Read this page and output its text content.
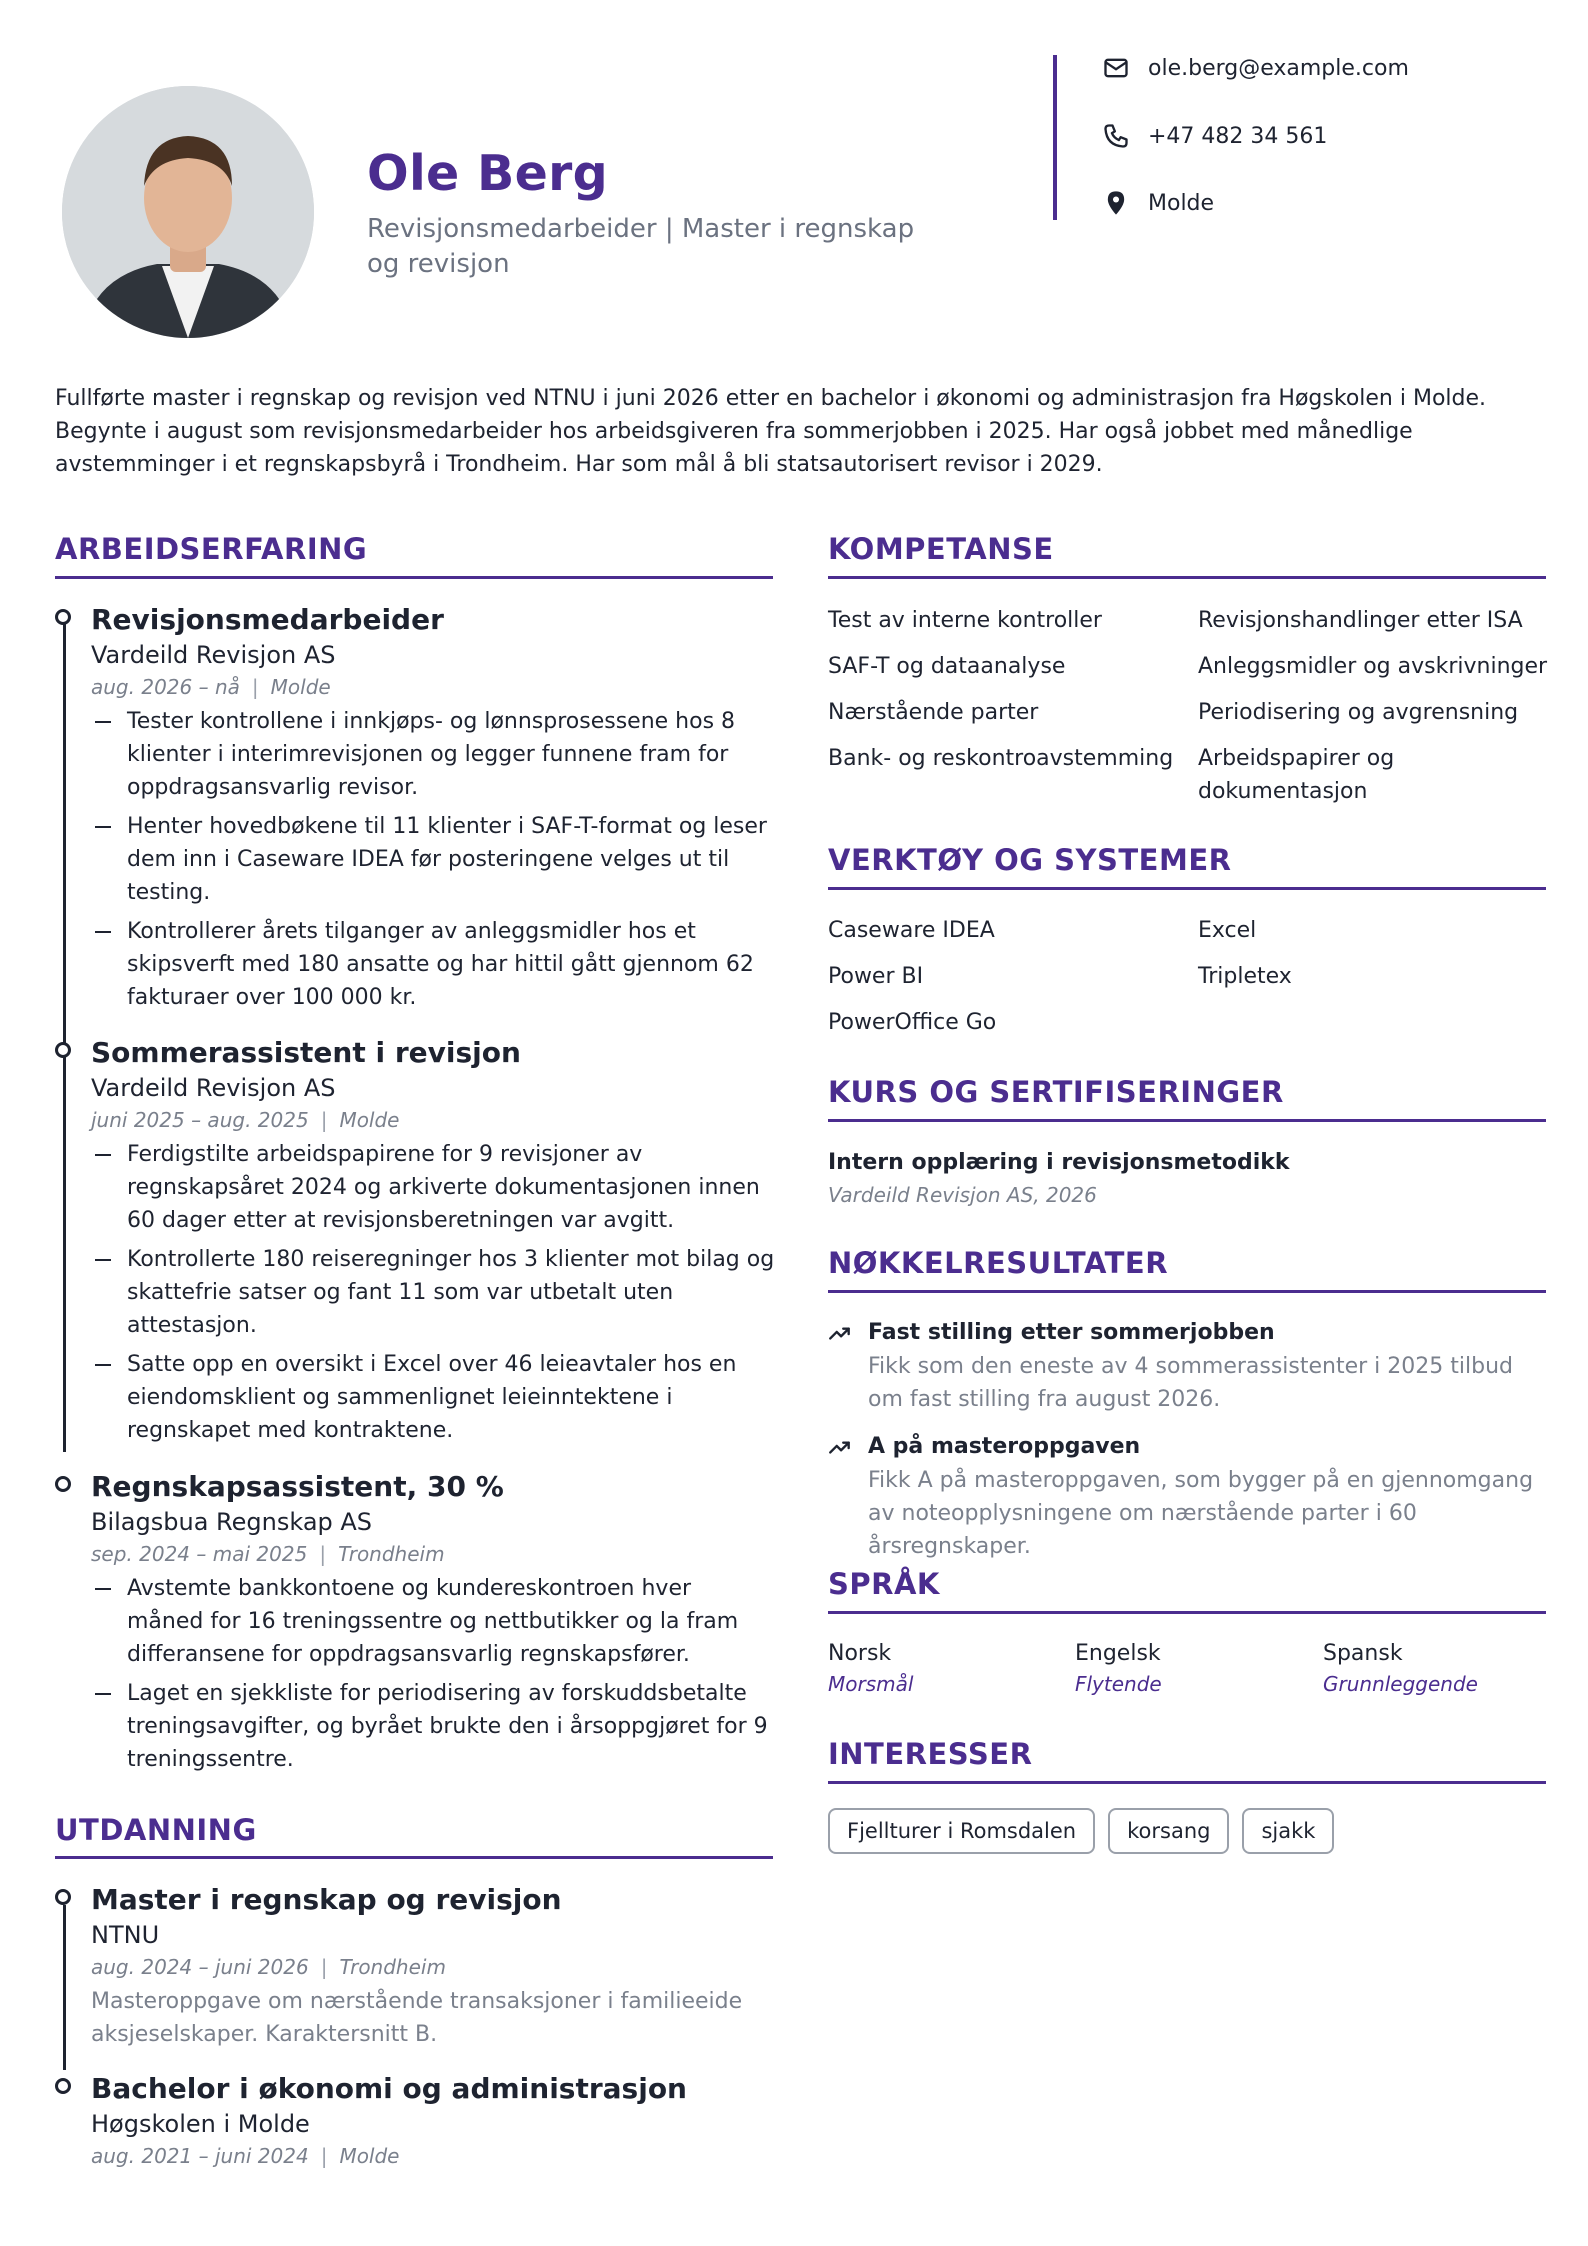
Ole Berg
Revisjonsmedarbeider | Master i regnskap og revisjon
ole.berg@example.com
+47 482 34 561
Molde
Fullførte master i regnskap og revisjon ved NTNU i juni 2026 etter en bachelor i økonomi og administrasjon fra Høgskolen i Molde. Begynte i august som revisjonsmedarbeider hos arbeidsgiveren fra sommerjobben i 2025. Har også jobbet med månedlige avstemminger i et regnskapsbyrå i Trondheim. Har som mål å bli statsautorisert revisor i 2029.
ARBEIDSERFARING
Revisjonsmedarbeider
Vardeild Revisjon AS
aug. 2026 – nå | Molde
Tester kontrollene i innkjøps- og lønnsprosessene hos 8 klienter i interimrevisjonen og legger funnene fram for oppdragsansvarlig revisor.
Henter hovedbøkene til 11 klienter i SAF-T-format og leser dem inn i Caseware IDEA før posteringene velges ut til testing.
Kontrollerer årets tilganger av anleggsmidler hos et skipsverft med 180 ansatte og har hittil gått gjennom 62 fakturaer over 100 000 kr.
Sommerassistent i revisjon
Vardeild Revisjon AS
juni 2025 – aug. 2025 | Molde
Ferdigstilte arbeidspapirene for 9 revisjoner av regnskapsåret 2024 og arkiverte dokumentasjonen innen 60 dager etter at revisjonsberetningen var avgitt.
Kontrollerte 180 reiseregninger hos 3 klienter mot bilag og skattefrie satser og fant 11 som var utbetalt uten attestasjon.
Satte opp en oversikt i Excel over 46 leieavtaler hos en eiendomsklient og sammenlignet leieinntektene i regnskapet med kontraktene.
Regnskapsassistent, 30 %
Bilagsbua Regnskap AS
sep. 2024 – mai 2025 | Trondheim
Avstemte bankkontoene og kundereskontroen hver måned for 16 treningssentre og nettbutikker og la fram differansene for oppdragsansvarlig regnskapsfører.
Laget en sjekkliste for periodisering av forskuddsbetalte treningsavgifter, og byrået brukte den i årsoppgjøret for 9 treningssentre.
UTDANNING
Master i regnskap og revisjon
NTNU
aug. 2024 – juni 2026 | Trondheim
Masteroppgave om nærstående transaksjoner i familieeide aksjeselskaper. Karaktersnitt B.
Bachelor i økonomi og administrasjon
Høgskolen i Molde
aug. 2021 – juni 2024 | Molde
KOMPETANSE
Test av interne kontroller
SAF-T og dataanalyse
Nærstående parter
Bank- og reskontroavstemming
Revisjonshandlinger etter ISA
Anleggsmidler og avskrivninger
Periodisering og avgrensning
Arbeidspapirer og dokumentasjon
VERKTØY OG SYSTEMER
Caseware IDEA
Power BI
PowerOffice Go
Excel
Tripletex
KURS OG SERTIFISERINGER
Intern opplæring i revisjonsmetodikk
Vardeild Revisjon AS, 2026
NØKKELRESULTATER
Fast stilling etter sommerjobben
Fikk som den eneste av 4 sommerassistenter i 2025 tilbud om fast stilling fra august 2026.
A på masteroppgaven
Fikk A på masteroppgaven, som bygger på en gjennomgang av noteopplysningene om nærstående parter i 60 årsregnskaper.
SPRÅK
Norsk
Morsmål
Engelsk
Flytende
Spansk
Grunnleggende
INTERESSER
Fjellturer i Romsdalen	korsang	sjakk
